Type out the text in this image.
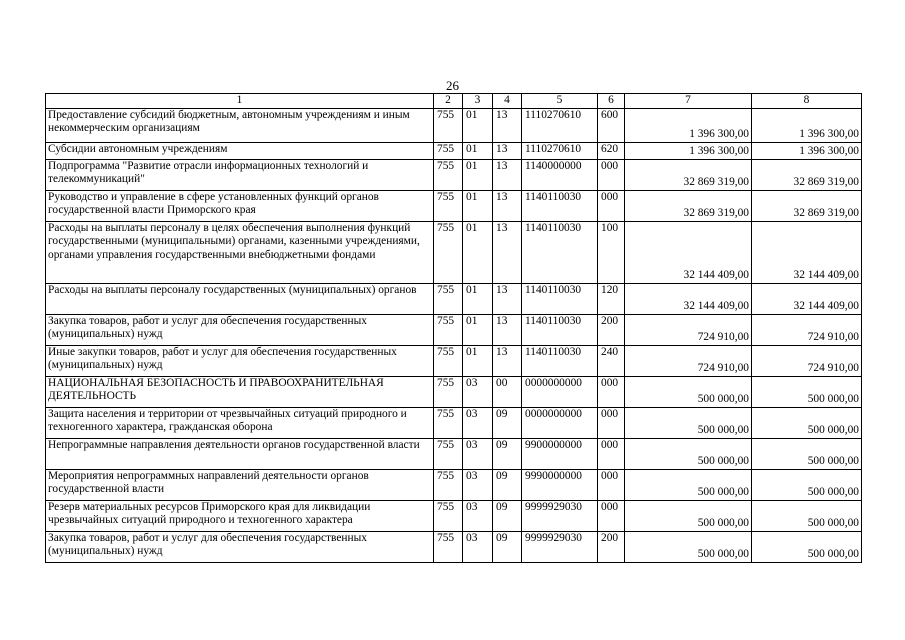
26
1	2	3	4	5	6	7	8
Предоставление субсидий бюджетным, автономным учреждениям и иным некоммерческим организациям	755	01	13	1110270610	600	1 396 300,00	1 396 300,00
Субсидии автономным учреждениям	755	01	13	1110270610	620	1 396 300,00	1 396 300,00
Подпрограмма "Развитие отрасли информационных технологий и телекоммуникаций"	755	01	13	1140000000	000	32 869 319,00	32 869 319,00
Руководство и управление в сфере установленных функций органов государственной власти Приморского края	755	01	13	1140110030	000	32 869 319,00	32 869 319,00
Расходы на выплаты персоналу в целях обеспечения выполнения функций государственными (муниципальными) органами, казенными учреждениями, органами управления государственными внебюджетными фондами	755	01	13	1140110030	100	32 144 409,00	32 144 409,00
Расходы на выплаты персоналу государственных (муниципальных) органов	755	01	13	1140110030	120	32 144 409,00	32 144 409,00
Закупка товаров, работ и услуг для обеспечения государственных (муниципальных) нужд	755	01	13	1140110030	200	724 910,00	724 910,00
Иные закупки товаров, работ и услуг для обеспечения государственных (муниципальных) нужд	755	01	13	1140110030	240	724 910,00	724 910,00
НАЦИОНАЛЬНАЯ БЕЗОПАСНОСТЬ И ПРАВООХРАНИТЕЛЬНАЯ ДЕЯТЕЛЬНОСТЬ	755	03	00	0000000000	000	500 000,00	500 000,00
Защита населения и территории от чрезвычайных ситуаций природного и техногенного характера, гражданская оборона	755	03	09	0000000000	000	500 000,00	500 000,00
Непрограммные направления деятельности органов государственной власти	755	03	09	9900000000	000	500 000,00	500 000,00
Мероприятия непрограммных направлений деятельности органов государственной власти	755	03	09	9990000000	000	500 000,00	500 000,00
Резерв материальных ресурсов Приморского края для ликвидации чрезвычайных ситуаций природного и техногенного характера	755	03	09	9999929030	000	500 000,00	500 000,00
Закупка товаров, работ и услуг для обеспечения государственных (муниципальных) нужд	755	03	09	9999929030	200	500 000,00	500 000,00
